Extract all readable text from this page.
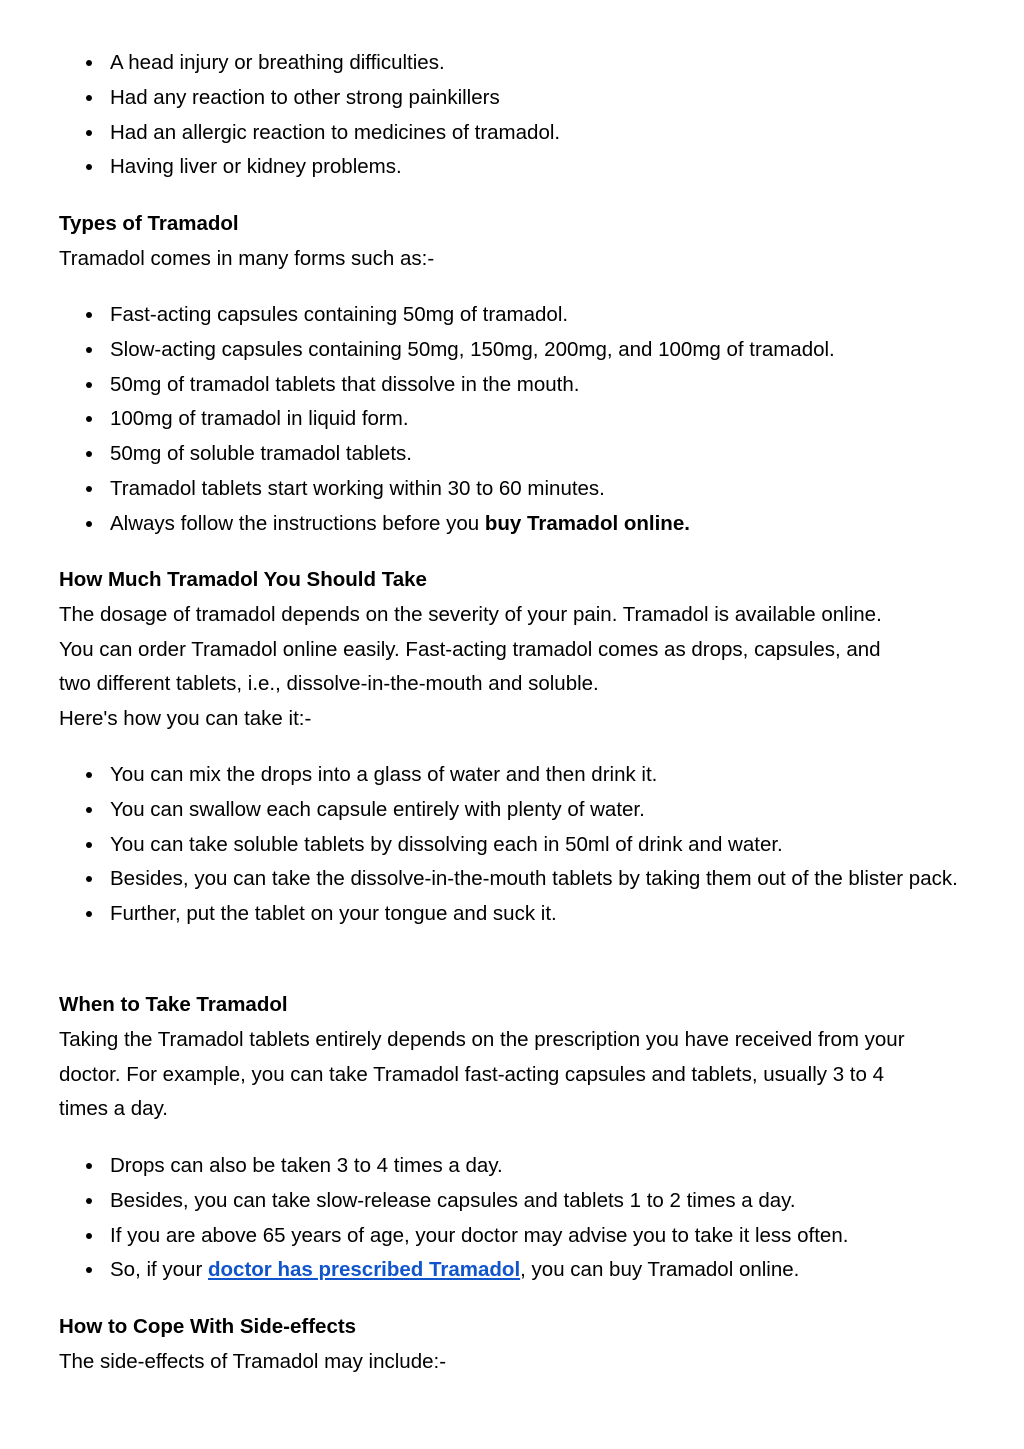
A head injury or breathing difficulties.
Had any reaction to other strong painkillers
Had an allergic reaction to medicines of tramadol.
Having liver or kidney problems.
Types of Tramadol

Tramadol comes in many forms such as:-

Fast-acting capsules containing 50mg of tramadol.
Slow-acting capsules containing 50mg, 150mg, 200mg, and 100mg of tramadol.
50mg of tramadol tablets that dissolve in the mouth.
100mg of tramadol in liquid form.
50mg of soluble tramadol tablets.
Tramadol tablets start working within 30 to 60 minutes.
Always follow the instructions before you buy Tramadol online.
How Much Tramadol You Should Take

The dosage of tramadol depends on the severity of your pain. Tramadol is available online.

You can order Tramadol online easily. Fast-acting tramadol comes as drops, capsules, and

two different tablets, i.e., dissolve-in-the-mouth and soluble.

Here's how you can take it:-

You can mix the drops into a glass of water and then drink it.
You can swallow each capsule entirely with plenty of water.
You can take soluble tablets by dissolving each in 50ml of drink and water.
Besides, you can take the dissolve-in-the-mouth tablets by taking them out of the blister pack.
Further, put the tablet on your tongue and suck it.
When to Take Tramadol

Taking the Tramadol tablets entirely depends on the prescription you have received from your

doctor. For example, you can take Tramadol fast-acting capsules and tablets, usually 3 to 4

times a day.

Drops can also be taken 3 to 4 times a day.
Besides, you can take slow-release capsules and tablets 1 to 2 times a day.
If you are above 65 years of age, your doctor may advise you to take it less often.
So, if your doctor has prescribed Tramadol, you can buy Tramadol online.
How to Cope With Side-effects

The side-effects of Tramadol may include:-
